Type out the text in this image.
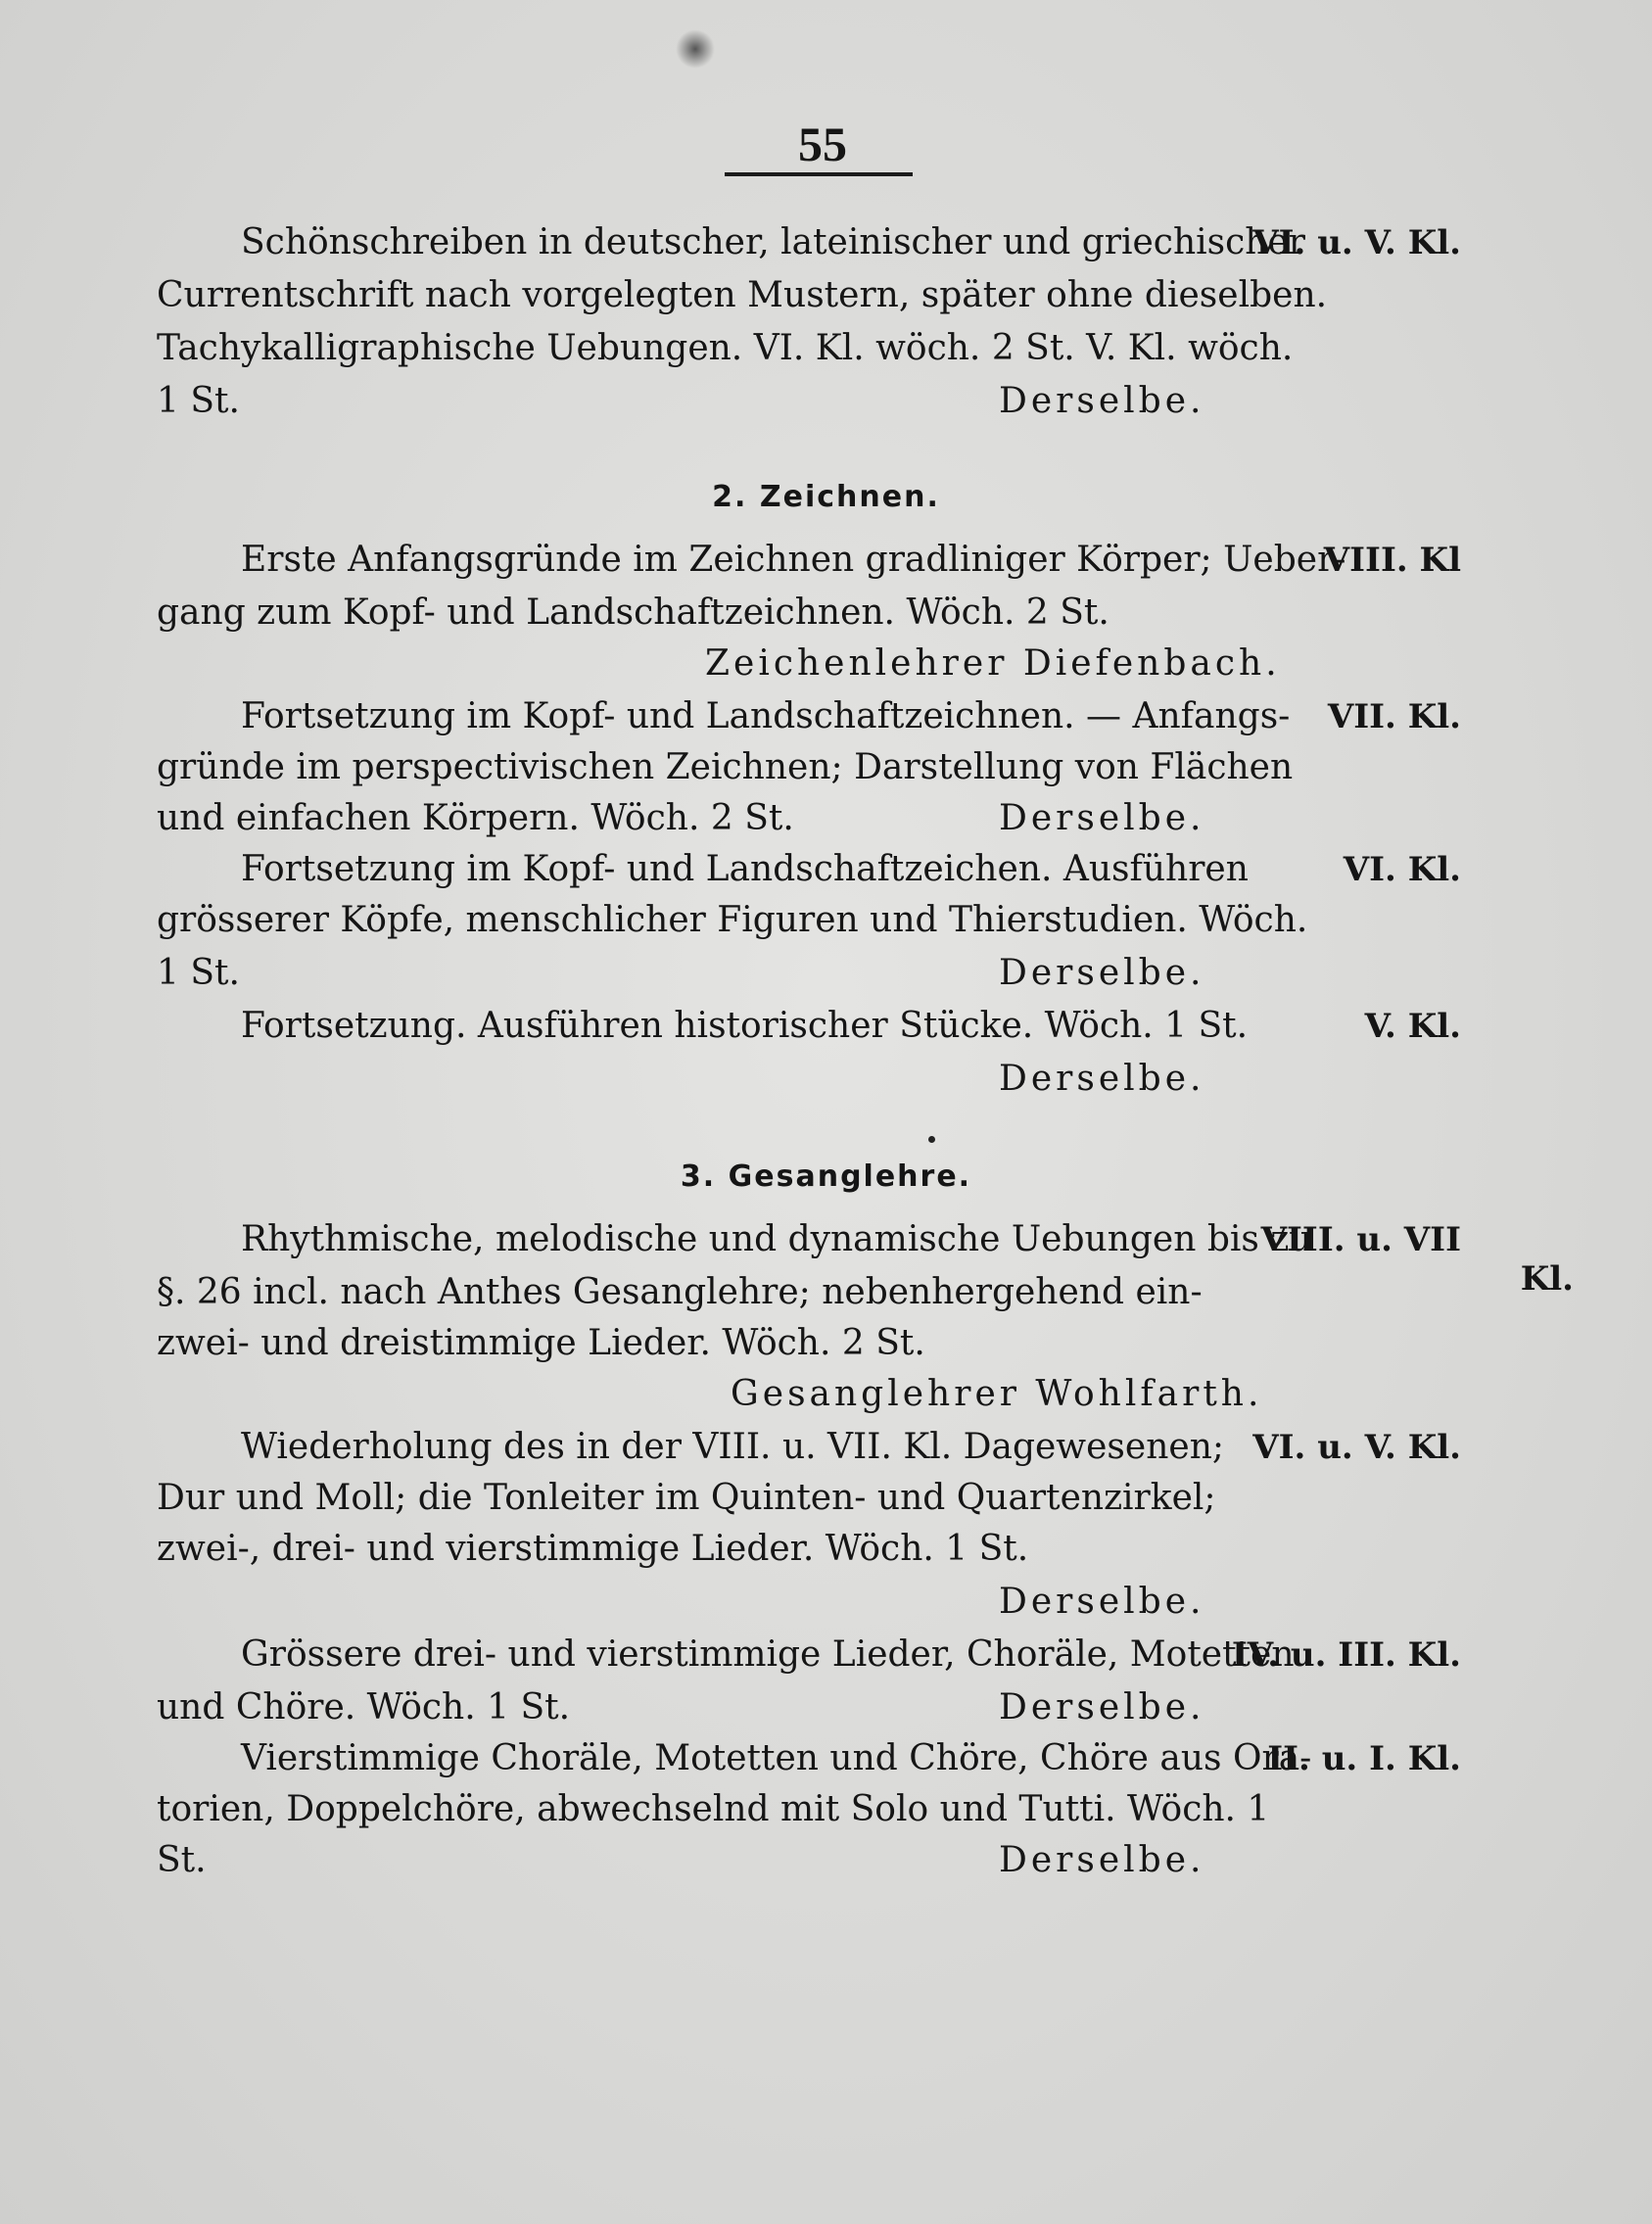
55
Schönschreiben in deutscher, lateinischer und griechischer
VI. u. V. Kl.
Currentschrift nach vorgelegten Mustern, später ohne dieselben.
Tachykalligraphische Uebungen. VI. Kl. wöch. 2 St. V. Kl. wöch.
1 St.	Derselbe.
2. Zeichnen.
Erste Anfangsgründe im Zeichnen gradliniger Körper; Ueber-
VIII. Kl
gang zum Kopf- und Landschaftzeichnen. Wöch. 2 St.
Zeichenlehrer Diefenbach.
Fortsetzung im Kopf- und Landschaftzeichnen. — Anfangs- VII. Kl.
gründe im perspectivischen Zeichnen; Darstellung von Flächen
und einfachen Körpern. Wöch. 2 St.	Derselbe.
Fortsetzung im Kopf- und Landschaftzeichen. Ausführen	VI. Kl.
grösserer Köpfe, menschlicher Figuren und Thierstudien. Wöch.
1 St.	Derselbe.
Fortsetzung. Ausführen historischer Stücke. Wöch. 1 St.	V. Kl.
Derselbe.
3. Gesanglehre.
Rhythmische, melodische und dynamische Uebungen bis zu
VIII. u. VII
Kl.
§. 26 incl. nach Anthes Gesanglehre; nebenhergehend ein-
zwei- und dreistimmige Lieder. Wöch. 2 St.
Gesanglehrer Wohlfarth.
Wiederholung des in der VIII. u. VII. Kl. Dagewesenen; VI. u. V. Kl.
Dur und Moll; die Tonleiter im Quinten- und Quartenzirkel;
zwei-, drei- und vierstimmige Lieder. Wöch. 1 St.
Derselbe.
Grössere drei- und vierstimmige Lieder, Choräle, Motetten
IV. u. III. Kl.
und Chöre. Wöch. 1 St.	Derselbe.
Vierstimmige Choräle, Motetten und Chöre, Chöre aus Ora-
II. u. I. Kl.
torien, Doppelchöre, abwechselnd mit Solo und Tutti. Wöch. 1
St.	Derselbe.
